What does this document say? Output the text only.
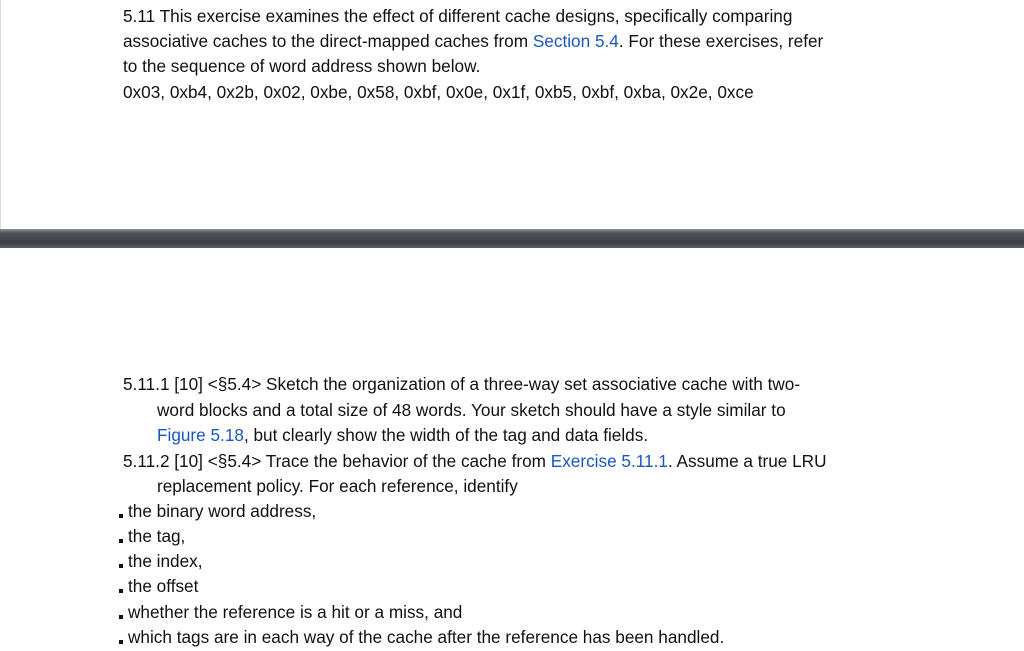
5.11 This exercise examines the effect of different cache designs, specifically comparing

associative caches to the direct-mapped caches from Section 5.4. For these exercises, refer

to the sequence of word address shown below.

0x03, 0xb4, 0x2b, 0x02, 0xbe, 0x58, 0xbf, 0x0e, 0x1f, 0xb5, 0xbf, 0xba, 0x2e, 0xce

5.11.1 [10] <§5.4> Sketch the organization of a three-way set associative cache with two-

word blocks and a total size of 48 words. Your sketch should have a style similar to

Figure 5.18, but clearly show the width of the tag and data fields.

5.11.2 [10] <§5.4> Trace the behavior of the cache from Exercise 5.11.1. Assume a true LRU

replacement policy. For each reference, identify

the binary word address,

the tag,

the index,

the offset

whether the reference is a hit or a miss, and

which tags are in each way of the cache after the reference has been handled.
